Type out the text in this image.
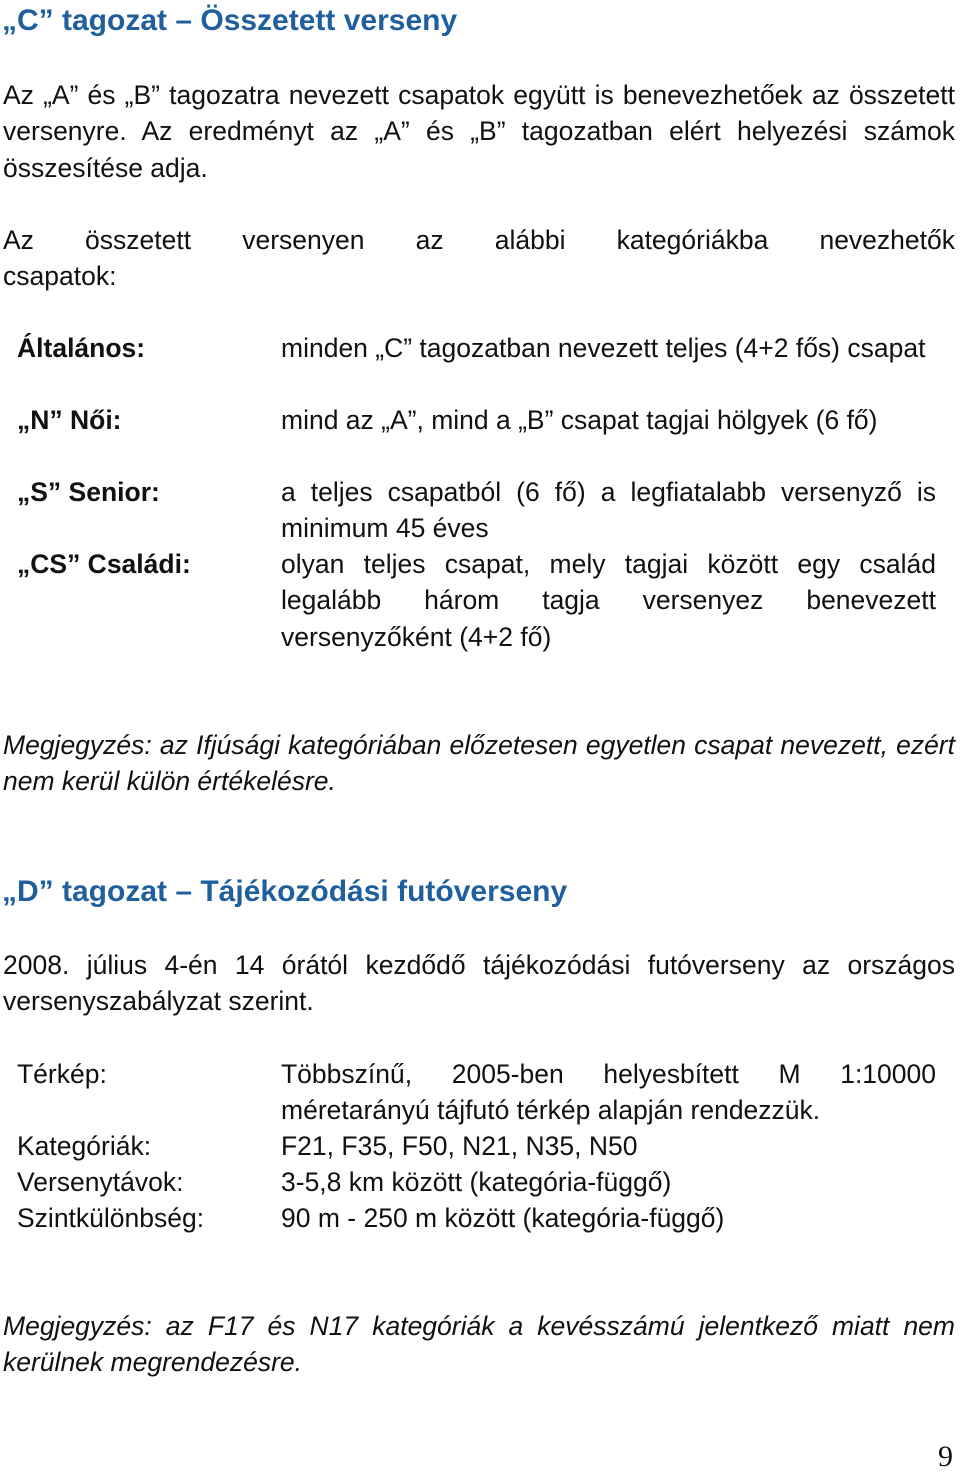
„C” tagozat – Összetett verseny

Az „A” és „B” tagozatra nevezett csapatok együtt is benevezhetőek az összetett versenyre. Az eredményt az „A” és „B” tagozatban elért helyezési számok összesítése adja.

Az összetett versenyen az alábbi kategóriákba nevezhetők
csapatok:
Általános:	minden „C” tagozatban nevezett teljes (4+2 fős) csapat
„N” Női:	mind az „A”, mind a „B” csapat tagjai hölgyek (6 fő)
„S” Senior:	a teljes csapatból (6 fő) a legfiatalabb versenyző is minimum 45 éves
„CS” Családi:	olyan teljes csapat, mely tagjai között egy család legalább három tagja versenyez benevezett versenyzőként (4+2 fő)

Megjegyzés: az Ifjúsági kategóriában előzetesen egyetlen csapat nevezett, ezért nem kerül külön értékelésre.

„D” tagozat – Tájékozódási futóverseny

2008. július 4-én 14 órától kezdődő tájékozódási futóverseny az országos versenyszabályzat szerint.

Térkép:	Többszínű, 2005-ben helyesbített M 1:10000 méretarányú tájfutó térkép alapján rendezzük.
Kategóriák:	F21, F35, F50, N21, N35, N50
Versenytávok:	3-5,8 km között (kategória-függő)
Szintkülönbség:	90 m - 250 m között (kategória-függő)

Megjegyzés: az F17 és N17 kategóriák a kevésszámú jelentkező miatt nem kerülnek megrendezésre.

9
